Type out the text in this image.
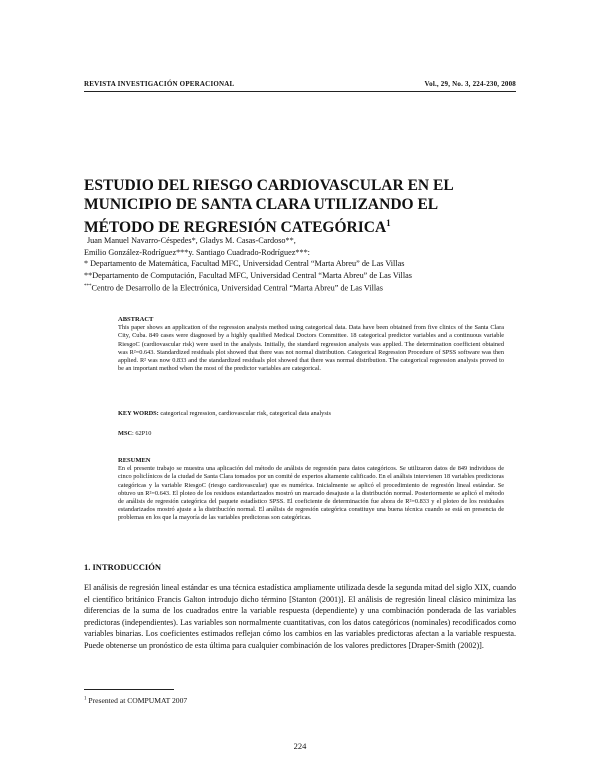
REVISTA INVESTIGACIÓN OPERACIONAL	Vol., 29, No. 3, 224-230, 2008
ESTUDIO DEL RIESGO CARDIOVASCULAR EN EL
MUNICIPIO DE SANTA CLARA UTILIZANDO EL
MÉTODO DE REGRESIÓN CATEGÓRICA$^1$
Juan Manuel Navarro-Céspedes*, Gladys M. Casas-Cardoso**,
Emilio González-Rodríguez***y. Santiago Cuadrado-Rodríguez***:
* Departamento de Matemática, Facultad MFC, Universidad Central “Marta Abreu” de Las Villas
**Departamento de Computación, Facultad MFC, Universidad Central “Marta Abreu” de Las Villas
***Centro de Desarrollo de la Electrónica, Universidad Central “Marta Abreu” de Las Villas
ABSTRACT
This paper shows an application of the regression analysis method using categorical data. Data have been obtained from five clinics of the Santa Clara City, Cuba. 849 cases were diagnosed by a highly qualified Medical Doctors Committee. 18 categorical predictor variables and a continuous variable RiesgoC (cardiovascular risk) were used in the analysis. Initially, the standard regression analysis was applied. The determination coefficient obtained was R²=0.643. Standardized residuals plot showed that there was not normal distribution. Categorical Regression Procedure of SPSS software was then applied. R² was now 0.833 and the standardized residuals plot showed that there was normal distribution. The categorical regression analysis proved to be an important method when the most of the predictor variables are categorical.
KEY WORDS: categorical regression, cardiovascular risk, categorical data analysis
MSC: 62P10
RESUMEN
En el presente trabajo se muestra una aplicación del método de análisis de regresión para datos categóricos. Se utilizaron datos de 849 individuos de cinco policlínicos de la ciudad de Santa Clara tomados por un comité de expertos altamente calificado. En el análisis intervienen 18 variables predictoras categóricas y la variable RiesgoC (riesgo cardiovascular) que es numérica. Inicialmente se aplicó el procedimiento de regresión lineal estándar. Se obtuvo un R²=0.643. El ploteo de los residuos estandarizados mostró un marcado desajuste a la distribución normal. Posteriormente se aplicó el método de análisis de regresión categórica del paquete estadístico SPSS. El coeficiente de determinación fue ahora de R²=0.833 y el ploteo de los residuales estandarizados mostró ajuste a la distribución normal. El análisis de regresión categórica constituye una buena técnica cuando se está en presencia de problemas en los que la mayoría de las variables predictoras son categóricas.
1. INTRODUCCIÓN
El análisis de regresión lineal estándar es una técnica estadística ampliamente utilizada desde la segunda mitad del siglo XIX, cuando el científico británico Francis Galton introdujo dicho término [Stanton (2001)]. El análisis de regresión lineal clásico minimiza las diferencias de la suma de los cuadrados entre la variable respuesta (dependiente) y una combinación ponderada de las variables predictoras (independientes). Las variables son normalmente cuantitativas, con los datos categóricos (nominales) recodificados como variables binarias. Los coeficientes estimados reflejan cómo los cambios en las variables predictoras afectan a la variable respuesta. Puede obtenerse un pronóstico de esta última para cualquier combinación de los valores predictores [Draper-Smith (2002)].
$^1$ Presented at COMPUMAT 2007
224
